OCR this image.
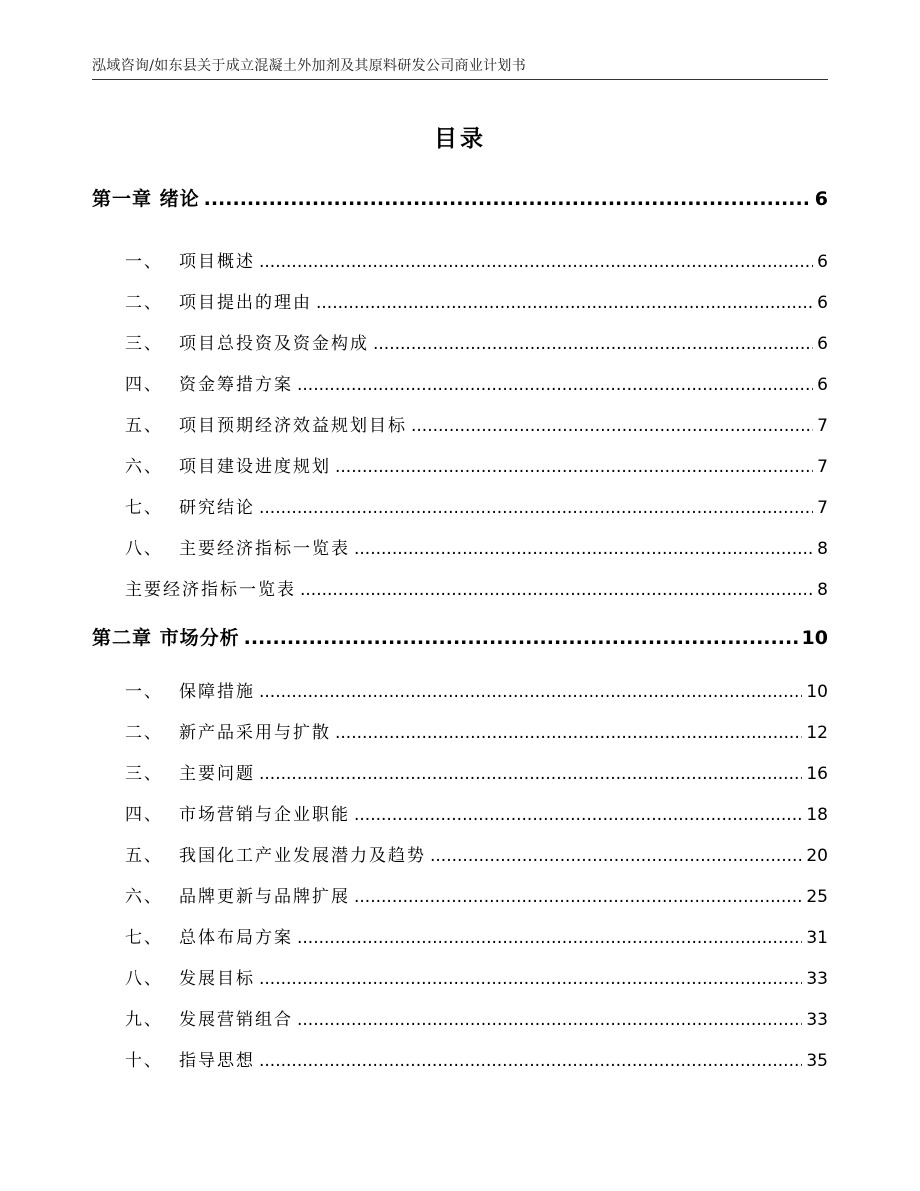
泓域咨询/如东县关于成立混凝土外加剂及其原料研发公司商业计划书
目录
第一章 绪论 .....	6
一、 项目概述 .....	6
二、 项目提出的理由 .....	6
三、 项目总投资及资金构成 .....	6
四、 资金筹措方案 .....	6
五、 项目预期经济效益规划目标 .....	7
六、 项目建设进度规划 .....	7
七、 研究结论 .....	7
八、 主要经济指标一览表 .....	8
主要经济指标一览表 .....	8
第二章 市场分析 .....	10
一、 保障措施 .....	10
二、 新产品采用与扩散 .....	12
三、 主要问题 .....	16
四、 市场营销与企业职能 .....	18
五、 我国化工产业发展潜力及趋势 .....	20
六、 品牌更新与品牌扩展 .....	25
七、 总体布局方案 .....	31
八、 发展目标 .....	33
九、 发展营销组合 .....	33
十、 指导思想 .....	35
